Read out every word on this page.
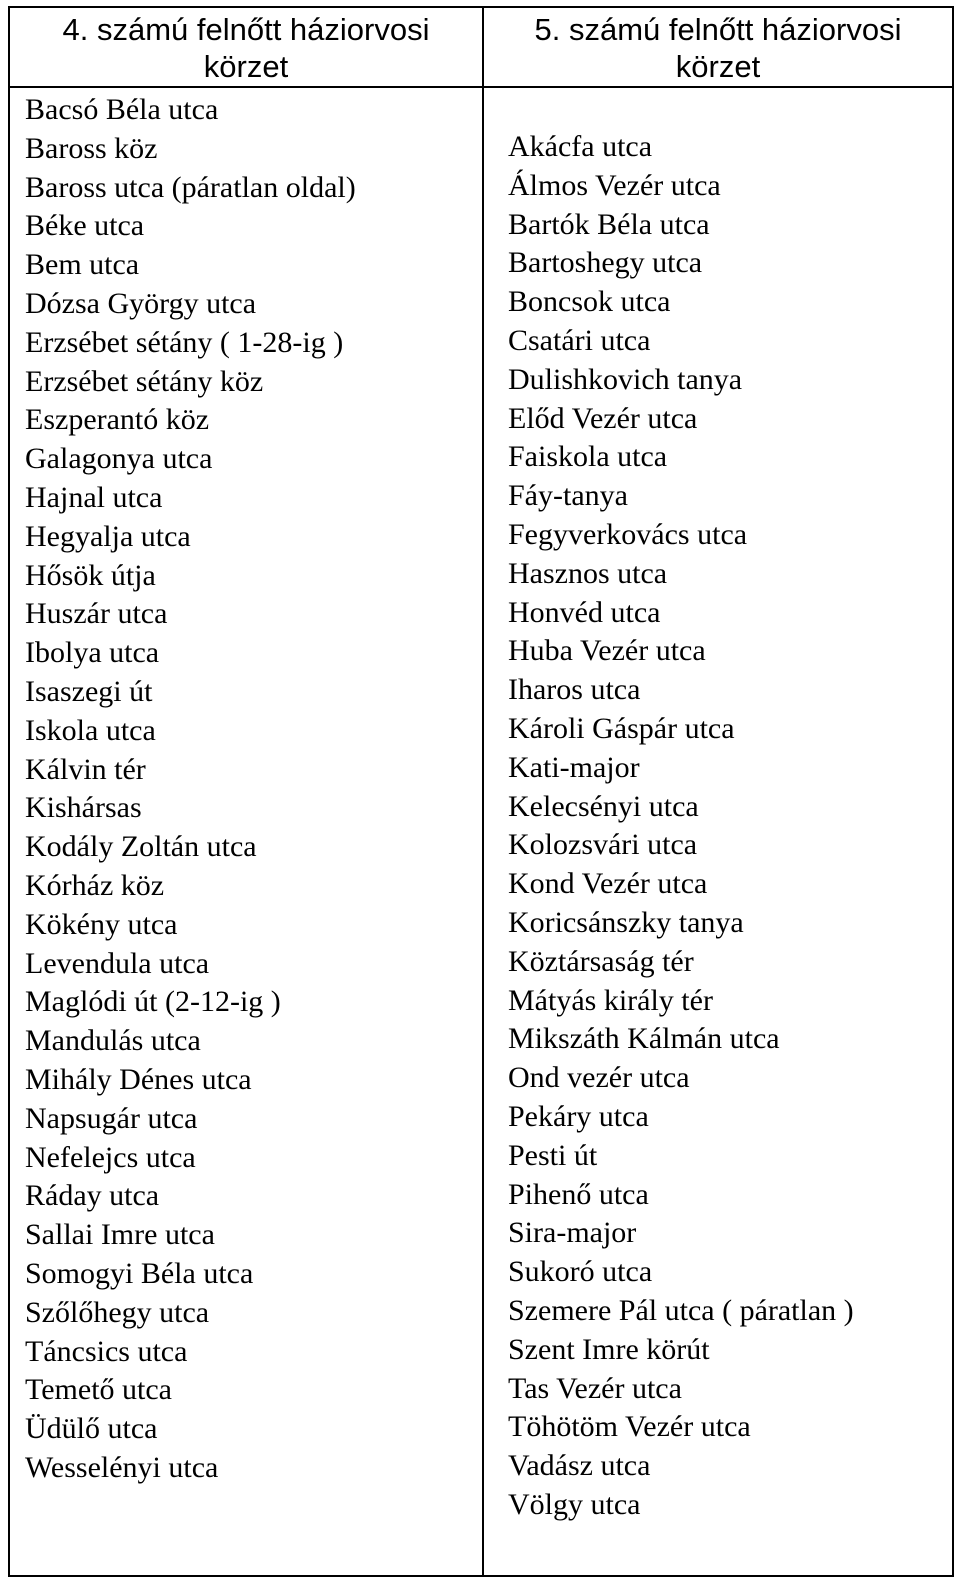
4. számú felnőtt háziorvosi
körzet
Bacsó Béla utca
Baross köz
Baross utca (páratlan oldal)
Béke utca
Bem utca
Dózsa György utca
Erzsébet sétány ( 1-28-ig )
Erzsébet sétány köz
Eszperantó köz
Galagonya utca
Hajnal utca
Hegyalja utca
Hősök útja
Huszár utca
Ibolya utca
Isaszegi út
Iskola utca
Kálvin tér
Kishársas
Kodály Zoltán utca
Kórház köz
Kökény utca
Levendula utca
Maglódi út (2-12-ig )
Mandulás utca
Mihály Dénes utca
Napsugár utca
Nefelejcs utca
Ráday utca
Sallai Imre utca
Somogyi Béla utca
Szőlőhegy utca
Táncsics utca
Temető utca
Üdülő utca
Wesselényi utca
5. számú felnőtt háziorvosi
körzet
Akácfa utca
Álmos Vezér utca
Bartók Béla utca
Bartoshegy utca
Boncsok utca
Csatári utca
Dulishkovich tanya
Előd Vezér utca
Faiskola utca
Fáy-tanya
Fegyverkovács utca
Hasznos utca
Honvéd utca
Huba Vezér utca
Iharos utca
Károli Gáspár utca
Kati-major
Kelecsényi utca
Kolozsvári utca
Kond Vezér utca
Koricsánszky tanya
Köztársaság tér
Mátyás király tér
Mikszáth Kálmán utca
Ond vezér utca
Pekáry utca
Pesti út
Pihenő utca
Sira-major
Sukoró utca
Szemere Pál utca ( páratlan )
Szent Imre körút
Tas Vezér utca
Töhötöm Vezér utca
Vadász utca
Völgy utca
